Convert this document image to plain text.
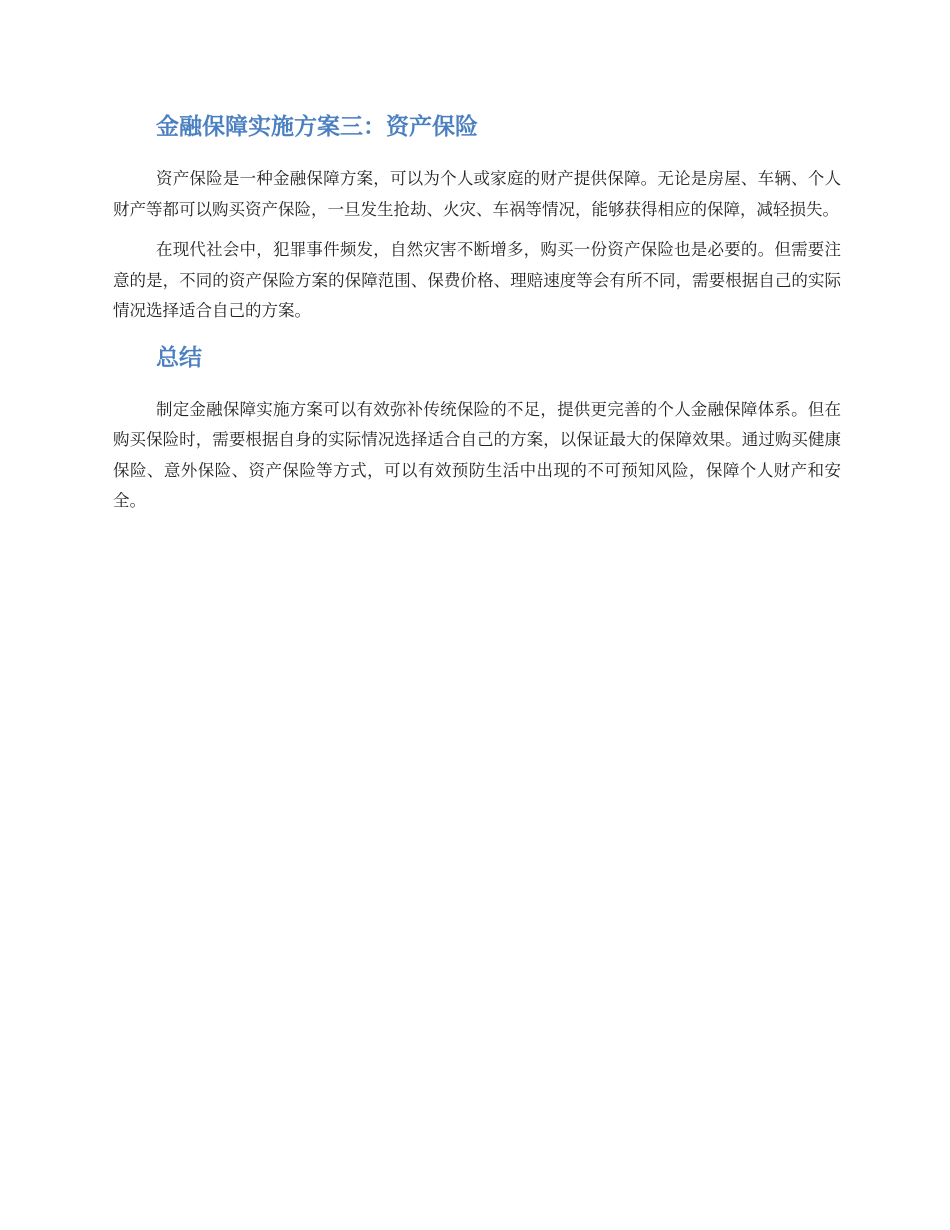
金融保障实施方案三：资产保险

资产保险是一种金融保障方案，可以为个人或家庭的财产提供保障。无论是房屋、车辆、个人财产等都可以购买资产保险，一旦发生抢劫、火灾、车祸等情况，能够获得相应的保障，减轻损失。

在现代社会中，犯罪事件频发，自然灾害不断增多，购买一份资产保险也是必要的。但需要注意的是，不同的资产保险方案的保障范围、保费价格、理赔速度等会有所不同，需要根据自己的实际情况选择适合自己的方案。

总结

制定金融保障实施方案可以有效弥补传统保险的不足，提供更完善的个人金融保障体系。但在购买保险时，需要根据自身的实际情况选择适合自己的方案，以保证最大的保障效果。通过购买健康保险、意外保险、资产保险等方式，可以有效预防生活中出现的不可预知风险，保障个人财产和安全。
